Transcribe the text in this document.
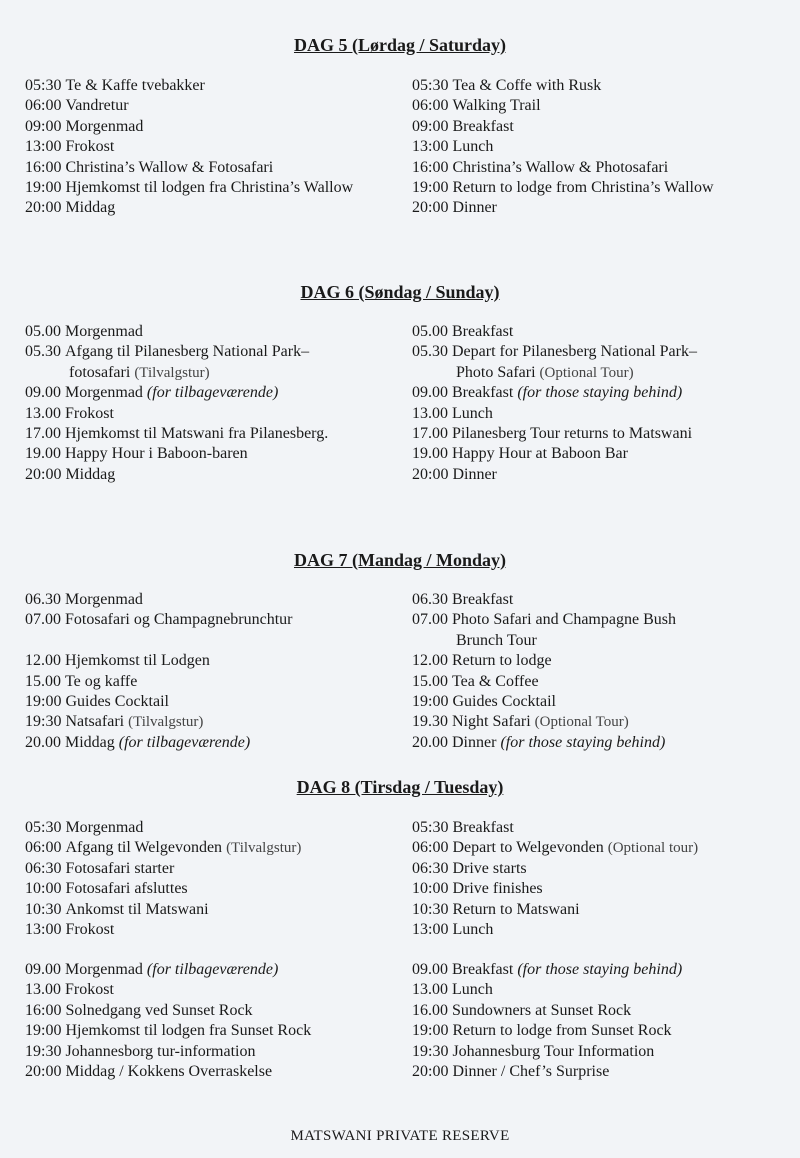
DAG 5 (Lørdag / Saturday)
05:30 Te & Kaffe tvebakker
06:00 Vandretur
09:00 Morgenmad
13:00 Frokost
16:00 Christina’s Wallow & Fotosafari
19:00 Hjemkomst til lodgen fra Christina’s Wallow
20:00 Middag
05:30 Tea & Coffe with Rusk
06:00 Walking Trail
09:00 Breakfast
13:00 Lunch
16:00 Christina’s Wallow & Photosafari
19:00 Return to lodge from Christina’s Wallow
20:00 Dinner
DAG 6 (Søndag / Sunday)
05.00 Morgenmad
05.30 Afgang til Pilanesberg National Park–
fotosafari (Tilvalgstur)
09.00 Morgenmad (for tilbageværende)
13.00 Frokost
17.00 Hjemkomst til Matswani fra Pilanesberg.
19.00 Happy Hour i Baboon-baren
20:00 Middag
05.00 Breakfast
05.30 Depart for Pilanesberg National Park–
Photo Safari (Optional Tour)
09.00 Breakfast (for those staying behind)
13.00 Lunch
17.00 Pilanesberg Tour returns to Matswani
19.00 Happy Hour at Baboon Bar
20:00 Dinner
DAG 7 (Mandag / Monday)
06.30 Morgenmad
07.00 Fotosafari og Champagnebrunchtur
12.00 Hjemkomst til Lodgen
15.00 Te og kaffe
19:00 Guides Cocktail
19:30 Natsafari (Tilvalgstur)
20.00 Middag (for tilbageværende)
06.30 Breakfast
07.00 Photo Safari and Champagne Bush
Brunch Tour
12.00 Return to lodge
15.00 Tea & Coffee
19:00 Guides Cocktail
19.30 Night Safari (Optional Tour)
20.00 Dinner (for those staying behind)
DAG 8 (Tirsdag / Tuesday)
05:30 Morgenmad
06:00 Afgang til Welgevonden (Tilvalgstur)
06:30 Fotosafari starter
10:00 Fotosafari afsluttes
10:30 Ankomst til Matswani
13:00 Frokost
05:30 Breakfast
06:00 Depart to Welgevonden (Optional tour)
06:30 Drive starts
10:00 Drive finishes
10:30 Return to Matswani
13:00 Lunch
09.00 Morgenmad (for tilbageværende)
13.00 Frokost
16:00 Solnedgang ved Sunset Rock
19:00 Hjemkomst til lodgen fra Sunset Rock
19:30 Johannesborg tur-information
20:00 Middag / Kokkens Overraskelse
09.00 Breakfast (for those staying behind)
13.00 Lunch
16.00 Sundowners at Sunset Rock
19:00 Return to lodge from Sunset Rock
19:30 Johannesburg Tour Information
20:00 Dinner / Chef’s Surprise
MATSWANI PRIVATE RESERVE
